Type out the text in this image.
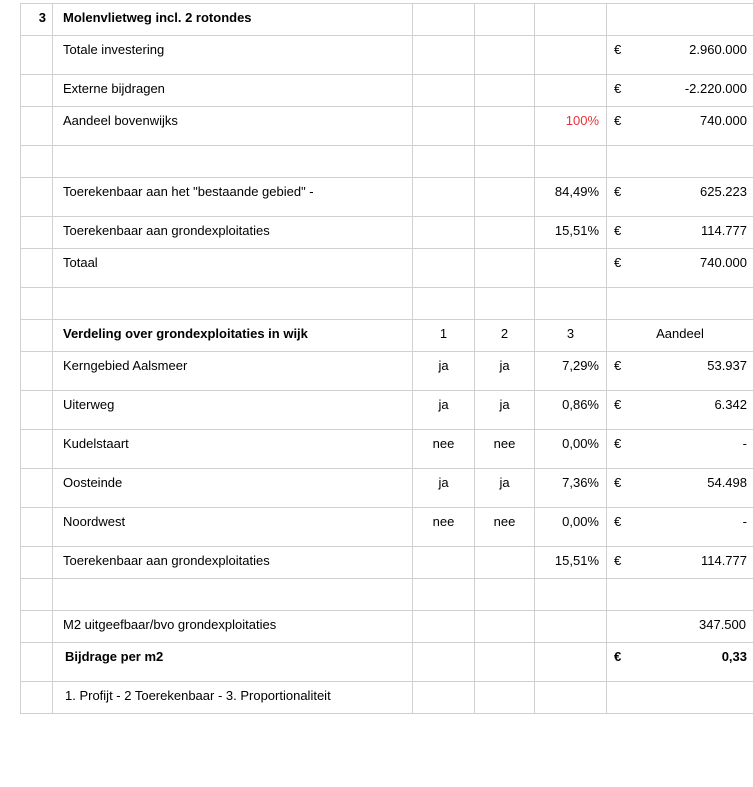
3	Molenvlietweg incl. 2 rotondes				

	Totale investering				€ 2.960.000

	Externe bijdragen				€ -2.220.000

	Aandeel bovenwijks			100%	€ 740.000

	Toerekenbaar aan het "bestaande gebied" -			84,49%	€ 625.223

	Toerekenbaar aan grondexploitaties			15,51%	€ 114.777

	Totaal				€ 740.000

	Verdeling over grondexploitaties in wijk	1	2	3	Aandeel

	Kerngebied Aalsmeer	ja	ja	7,29%	€ 53.937

	Uiterweg	ja	ja	0,86%	€ 6.342

	Kudelstaart	nee	nee	0,00%	€ -

	Oosteinde	ja	ja	7,36%	€ 54.498

	Noordwest	nee	nee	0,00%	€ -

	Toerekenbaar aan grondexploitaties			15,51%	€ 114.777

	M2 uitgeefbaar/bvo grondexploitaties				347.500

	Bijdrage per m2				€ 0,33

	1. Profijt - 2 Toerekenbaar - 3. Proportionaliteit				
